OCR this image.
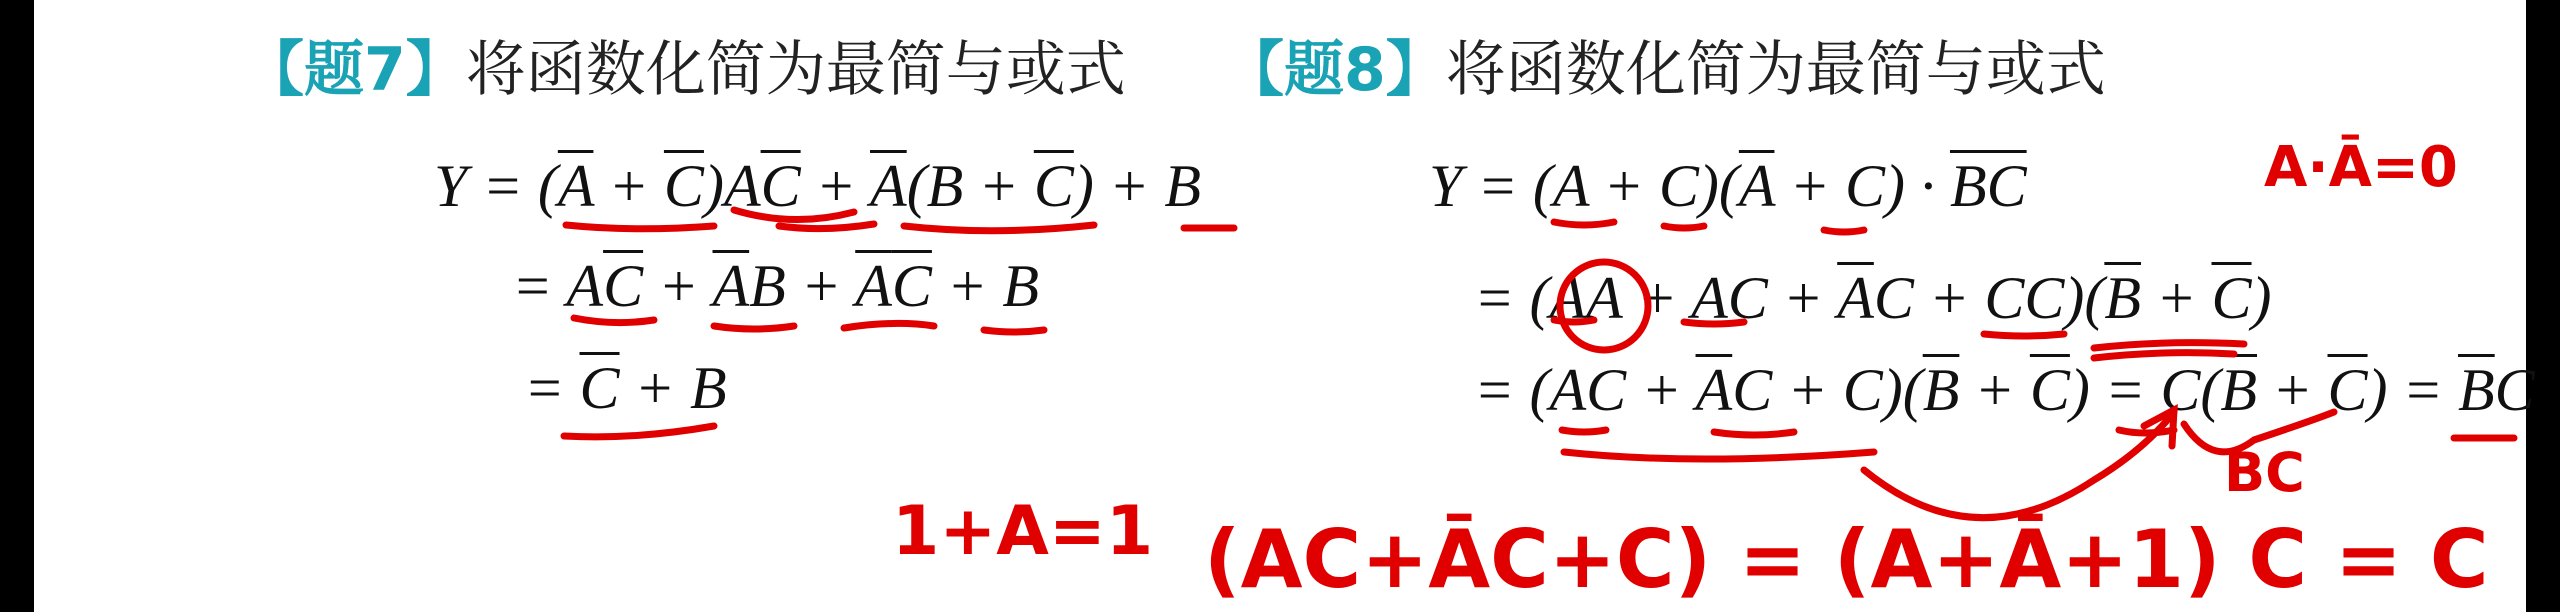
【题7】将函数化简为最简与或式
$Y = (\overline{A} + \overline{C})A\overline{C} + \overline{A}(B + \overline{C}) + B$
= $A\overline{C} + \overline{A}B + \overline{A}\overline{C} + B$
= $\overline{C} + B$
【题8】将函数化简为最简与或式
$Y = (A + C)(\overline{A} + C) \cdot \overline{BC}$
= ($A\overline{A}$ + AC + $\overline{A}C + CC)(\overline{B} + \overline{C})$
= $(AC + \overline{A}C + C)(\overline{B} + \overline{C}) = C(\overline{B} + \overline{C}) = \overline{B}C$
A·Ā=0
1+A=1
BC
(AC+ĀC+C) = (A+Ā+1) C = C
